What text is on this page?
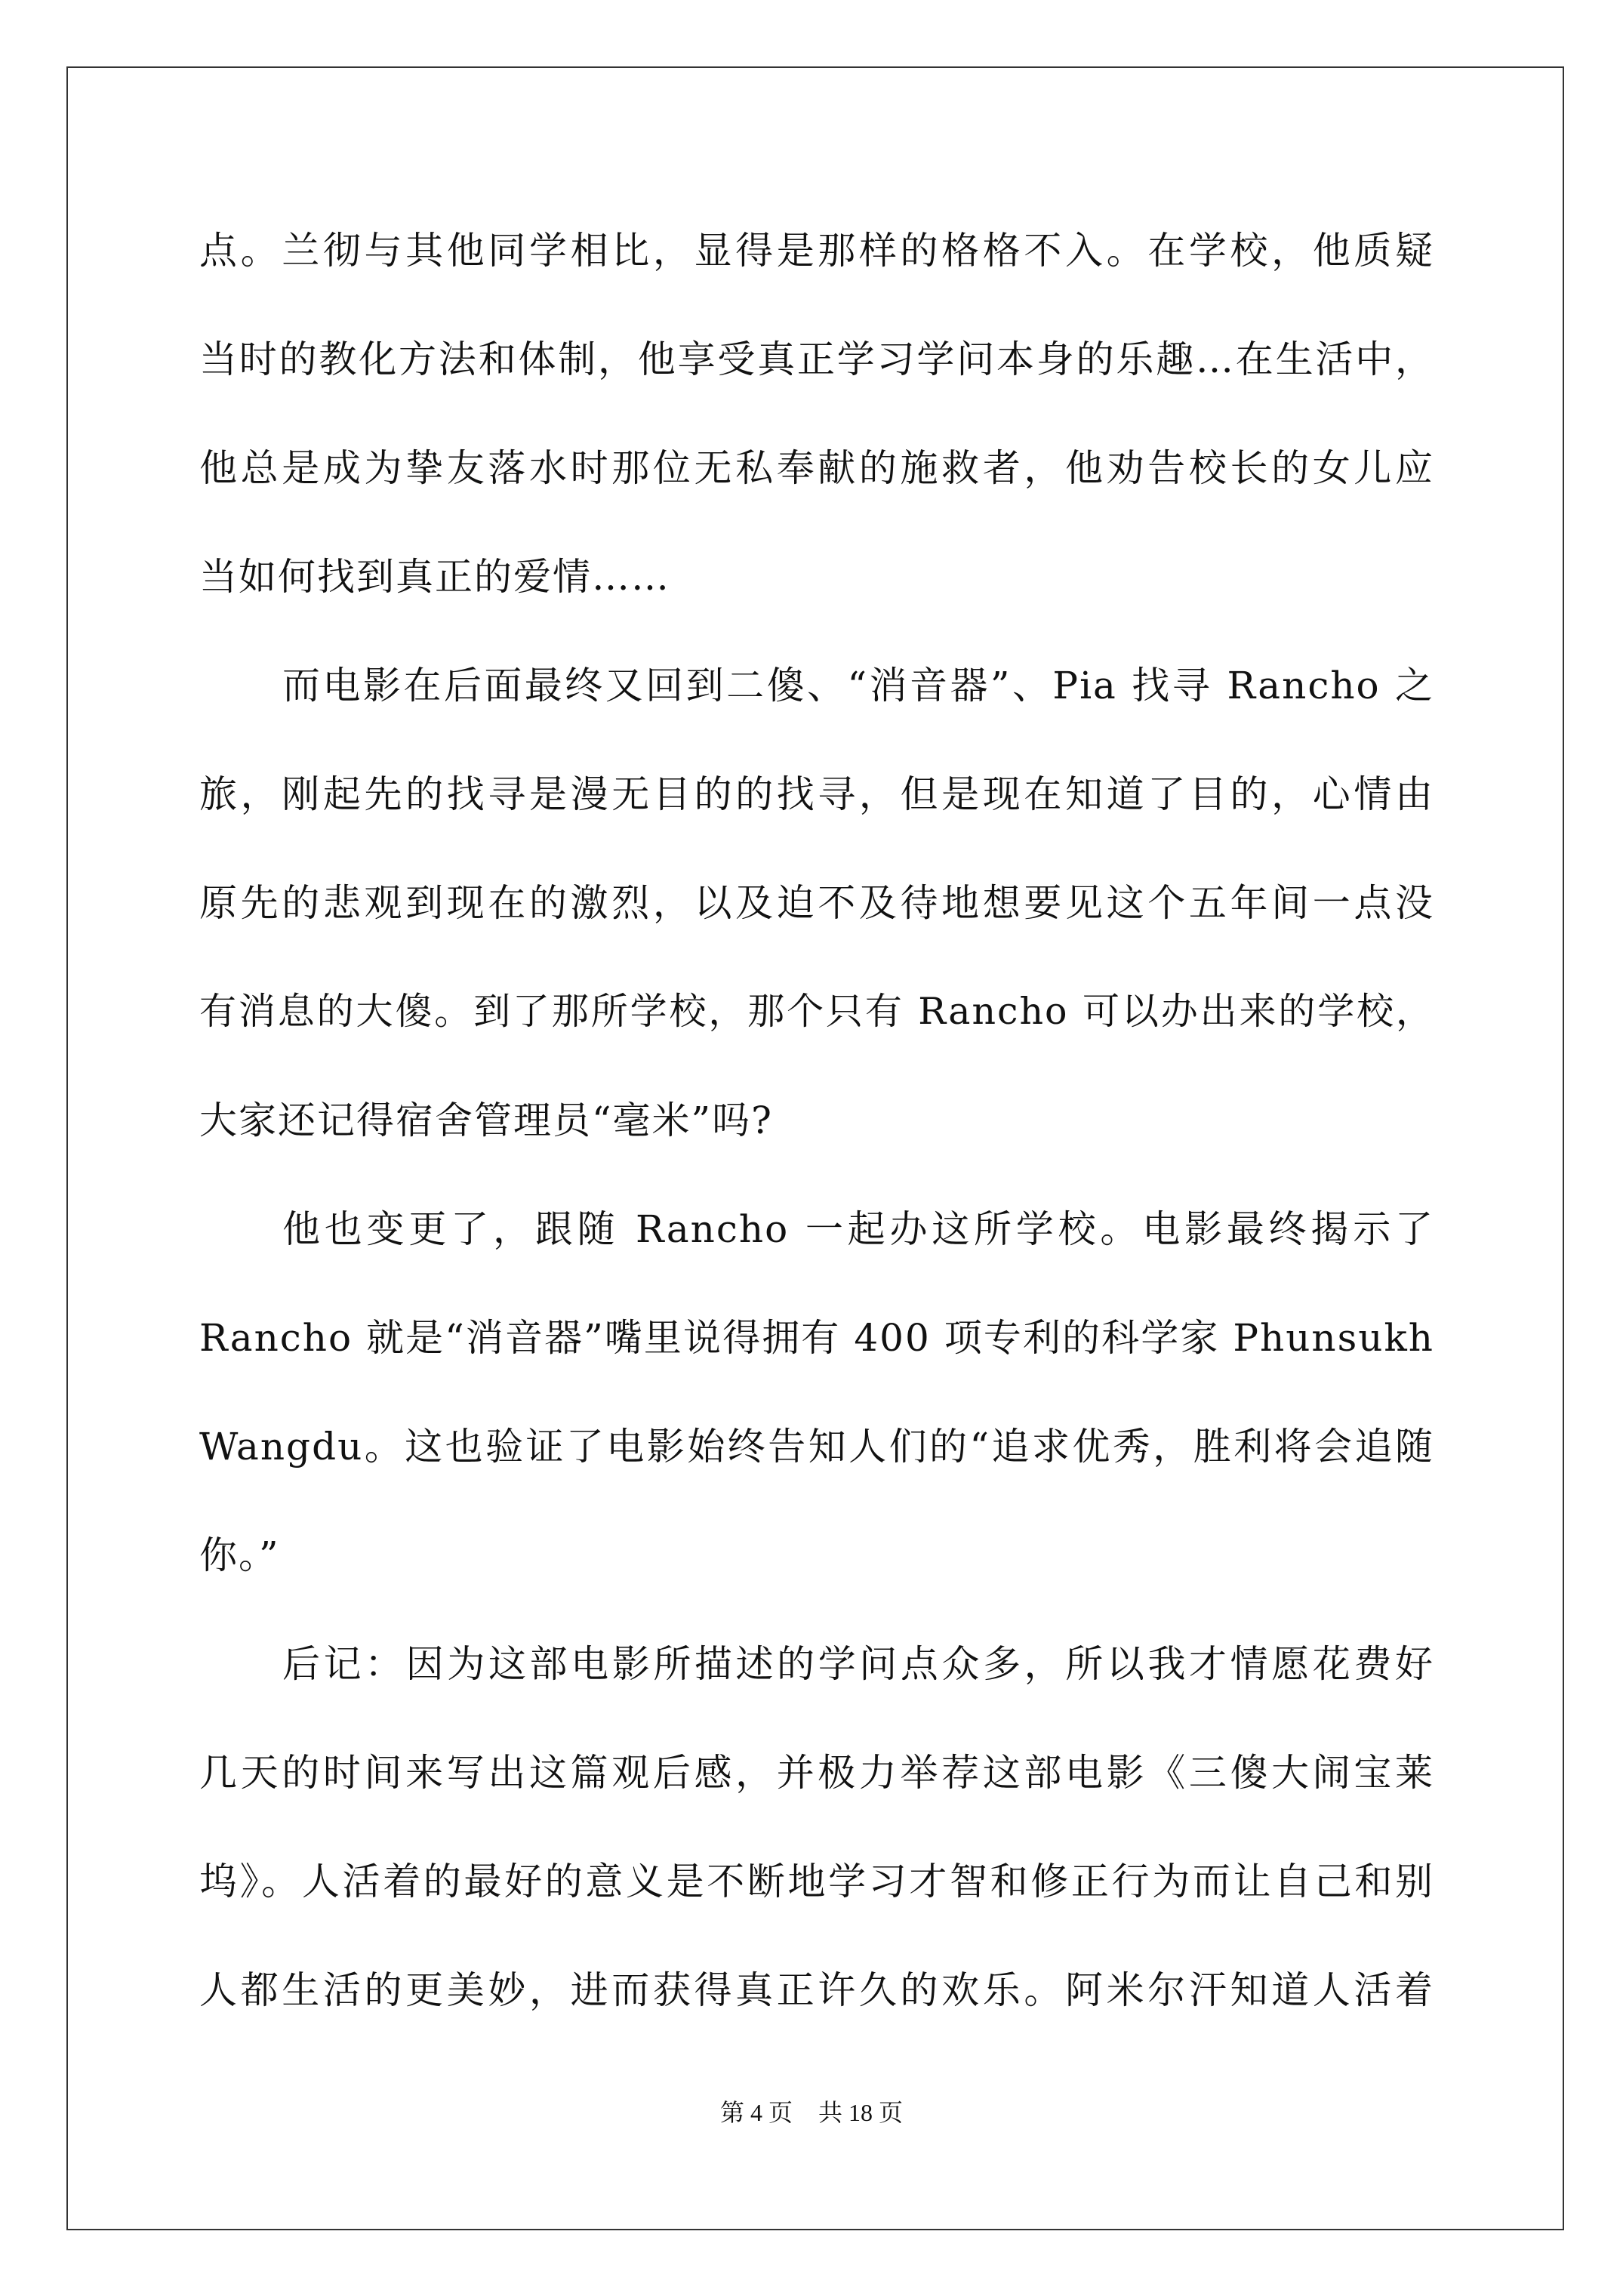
点。兰彻与其他同学相比，显得是那样的格格不入。在学校，他质疑
当时的教化方法和体制，他享受真正学习学问本身的乐趣…在生活中，
他总是成为挚友落水时那位无私奉献的施救者，他劝告校长的女儿应
当如何找到真正的爱情……
而电影在后面最终又回到二傻、“消音器”、Pia 找寻 Rancho 之
旅，刚起先的找寻是漫无目的的找寻，但是现在知道了目的，心情由
原先的悲观到现在的激烈，以及迫不及待地想要见这个五年间一点没
有消息的大傻。到了那所学校，那个只有 Rancho 可以办出来的学校，
大家还记得宿舍管理员“毫米”吗?
他也变更了，跟随 Rancho 一起办这所学校。电影最终揭示了
Rancho 就是“消音器”嘴里说得拥有 400 项专利的科学家 Phunsukh
Wangdu。这也验证了电影始终告知人们的“追求优秀，胜利将会追随
你。”
后记：因为这部电影所描述的学问点众多，所以我才情愿花费好
几天的时间来写出这篇观后感，并极力举荐这部电影《三傻大闹宝莱
坞》。人活着的最好的意义是不断地学习才智和修正行为而让自己和别
人都生活的更美妙，进而获得真正许久的欢乐。阿米尔汗知道人活着
第 4 页 共 18 页
